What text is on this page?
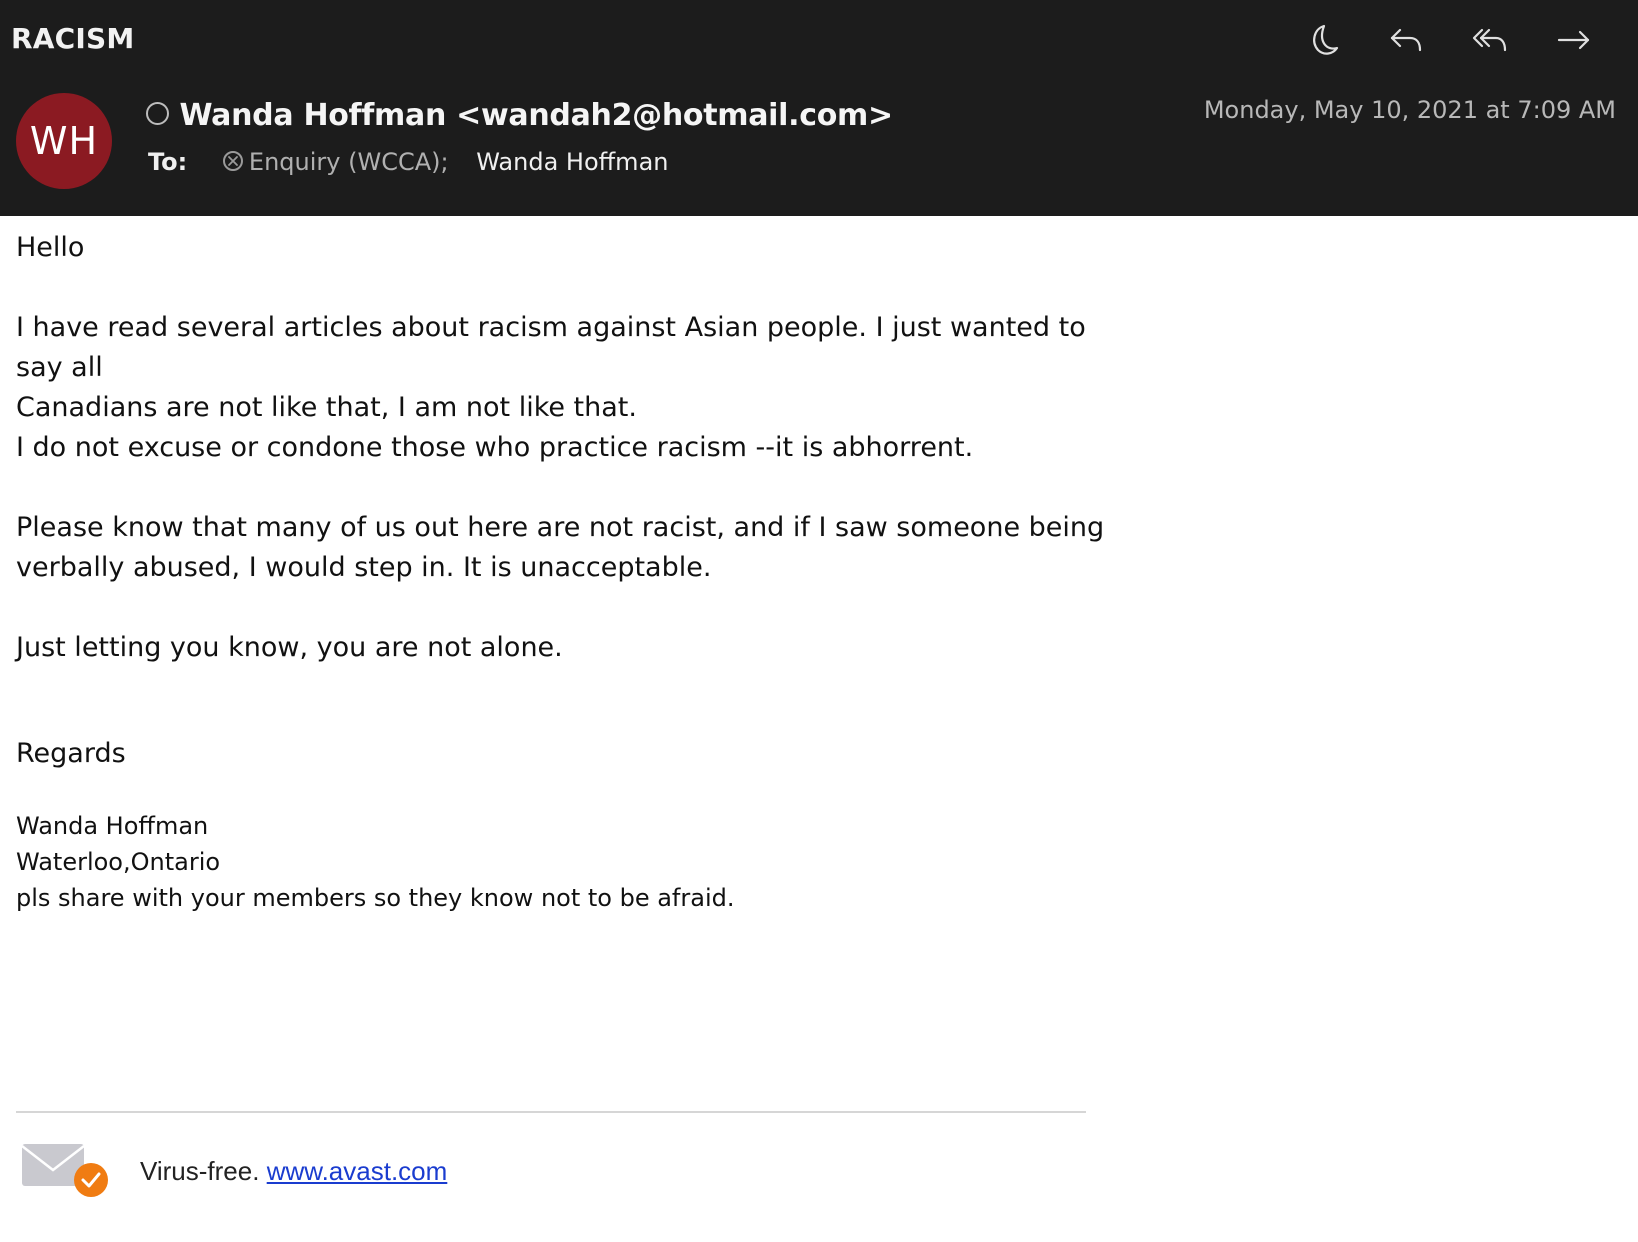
RACISM
WH
Wanda Hoffman <wandah2@hotmail.com>
To:	Enquiry (WCCA); Wanda Hoffman
Monday, May 10, 2021 at 7:09 AM

Hello

I have read several articles about racism against Asian people. I just wanted to say all

Canadians are not like that, I am not like that.

I do not excuse or condone those who practice racism --it is abhorrent.

Please know that many of us out here are not racist, and if I saw someone being

verbally abused, I would step in. It is unacceptable.

Just letting you know, you are not alone.

Regards

Wanda Hoffman

Waterloo,Ontario

pls share with your members so they know not to be afraid.

Virus-free. www.avast.com
